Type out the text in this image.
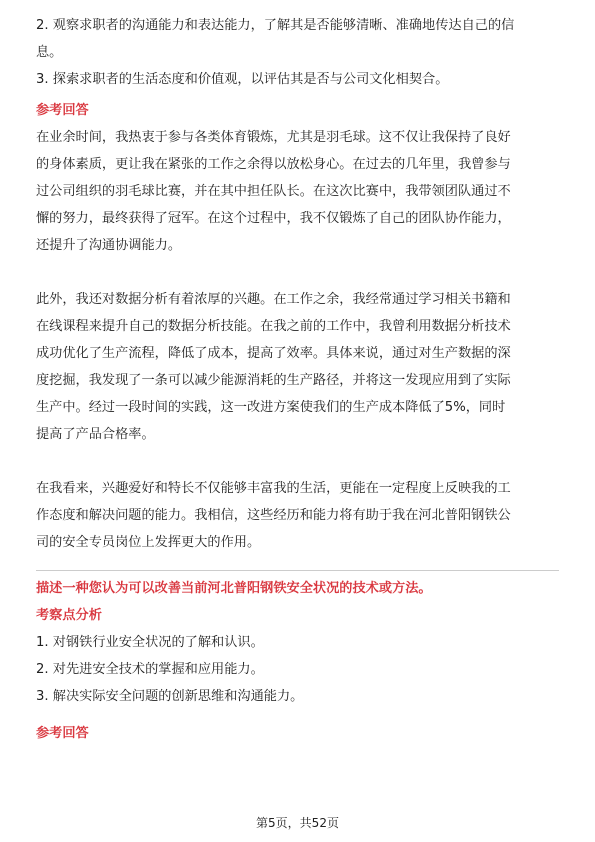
2. 观察求职者的沟通能力和表达能力，了解其是否能够清晰、准确地传达自己的信
息。
3. 探索求职者的生活态度和价值观，以评估其是否与公司文化相契合。
参考回答
在业余时间，我热衷于参与各类体育锻炼，尤其是羽毛球。这不仅让我保持了良好
的身体素质，更让我在紧张的工作之余得以放松身心。在过去的几年里，我曾参与
过公司组织的羽毛球比赛，并在其中担任队长。在这次比赛中，我带领团队通过不
懈的努力，最终获得了冠军。在这个过程中，我不仅锻炼了自己的团队协作能力，
还提升了沟通协调能力。
此外，我还对数据分析有着浓厚的兴趣。在工作之余，我经常通过学习相关书籍和
在线课程来提升自己的数据分析技能。在我之前的工作中，我曾利用数据分析技术
成功优化了生产流程，降低了成本，提高了效率。具体来说，通过对生产数据的深
度挖掘，我发现了一条可以减少能源消耗的生产路径，并将这一发现应用到了实际
生产中。经过一段时间的实践，这一改进方案使我们的生产成本降低了5%，同时
提高了产品合格率。
在我看来，兴趣爱好和特长不仅能够丰富我的生活，更能在一定程度上反映我的工
作态度和解决问题的能力。我相信，这些经历和能力将有助于我在河北普阳钢铁公
司的安全专员岗位上发挥更大的作用。
描述一种您认为可以改善当前河北普阳钢铁安全状况的技术或方法。
考察点分析
1. 对钢铁行业安全状况的了解和认识。
2. 对先进安全技术的掌握和应用能力。
3. 解决实际安全问题的创新思维和沟通能力。
参考回答
第5页，共52页
